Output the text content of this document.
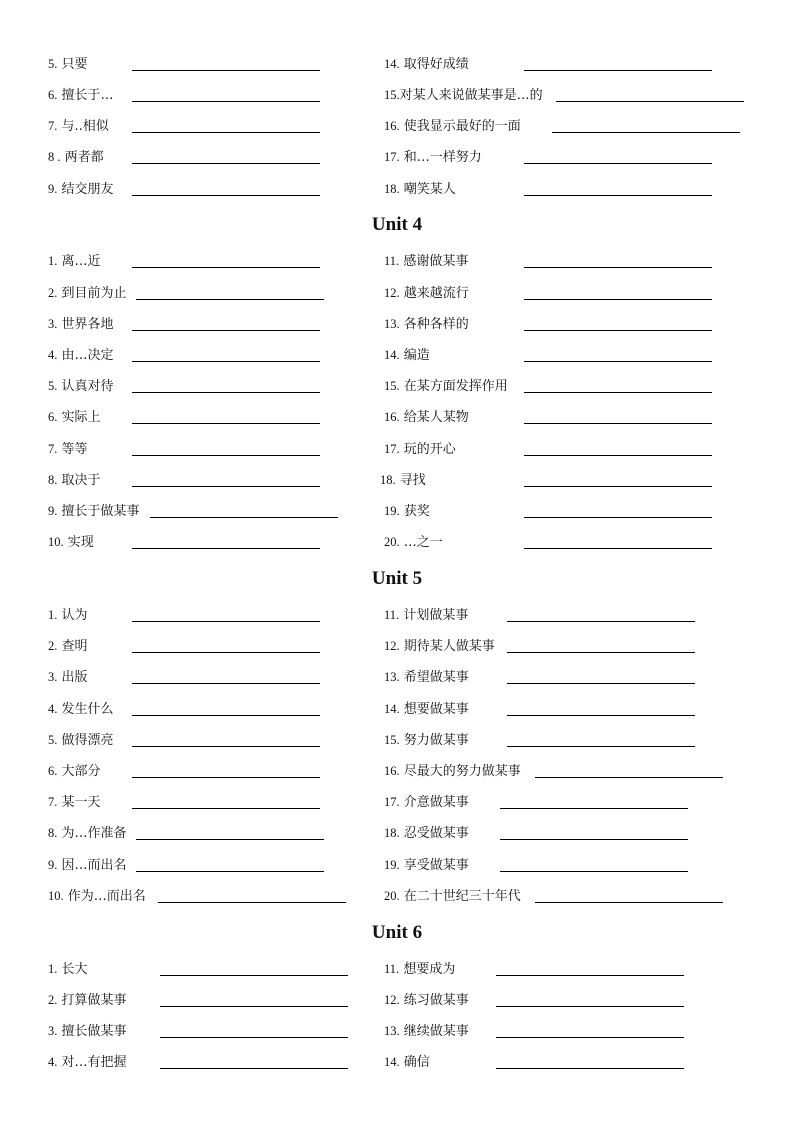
5. 只要
6. 擅长于…
7. 与..相似
8 . 两者都
9. 结交朋友
14. 取得好成绩
15.对某人来说做某事是…的
16. 使我显示最好的一面
17. 和…一样努力
18. 嘲笑某人
Unit 4
1. 离…近
2. 到目前为止
3. 世界各地
4. 由…决定
5. 认真对待
6. 实际上
7. 等等
8. 取决于
9. 擅长于做某事
10. 实现
11. 感谢做某事
12. 越来越流行
13. 各种各样的
14. 编造
15. 在某方面发挥作用
16. 给某人某物
17. 玩的开心
18. 寻找
19. 获奖
20. …之一
Unit 5
1. 认为
2. 查明
3. 出版
4. 发生什么
5. 做得漂亮
6. 大部分
7. 某一天
8. 为…作准备
9. 因…而出名
10. 作为…而出名
11. 计划做某事
12. 期待某人做某事
13. 希望做某事
14. 想要做某事
15. 努力做某事
16. 尽最大的努力做某事
17. 介意做某事
18. 忍受做某事
19. 享受做某事
20. 在二十世纪三十年代
Unit 6
1. 长大
2. 打算做某事
3. 擅长做某事
4. 对…有把握
11. 想要成为
12. 练习做某事
13. 继续做某事
14. 确信
